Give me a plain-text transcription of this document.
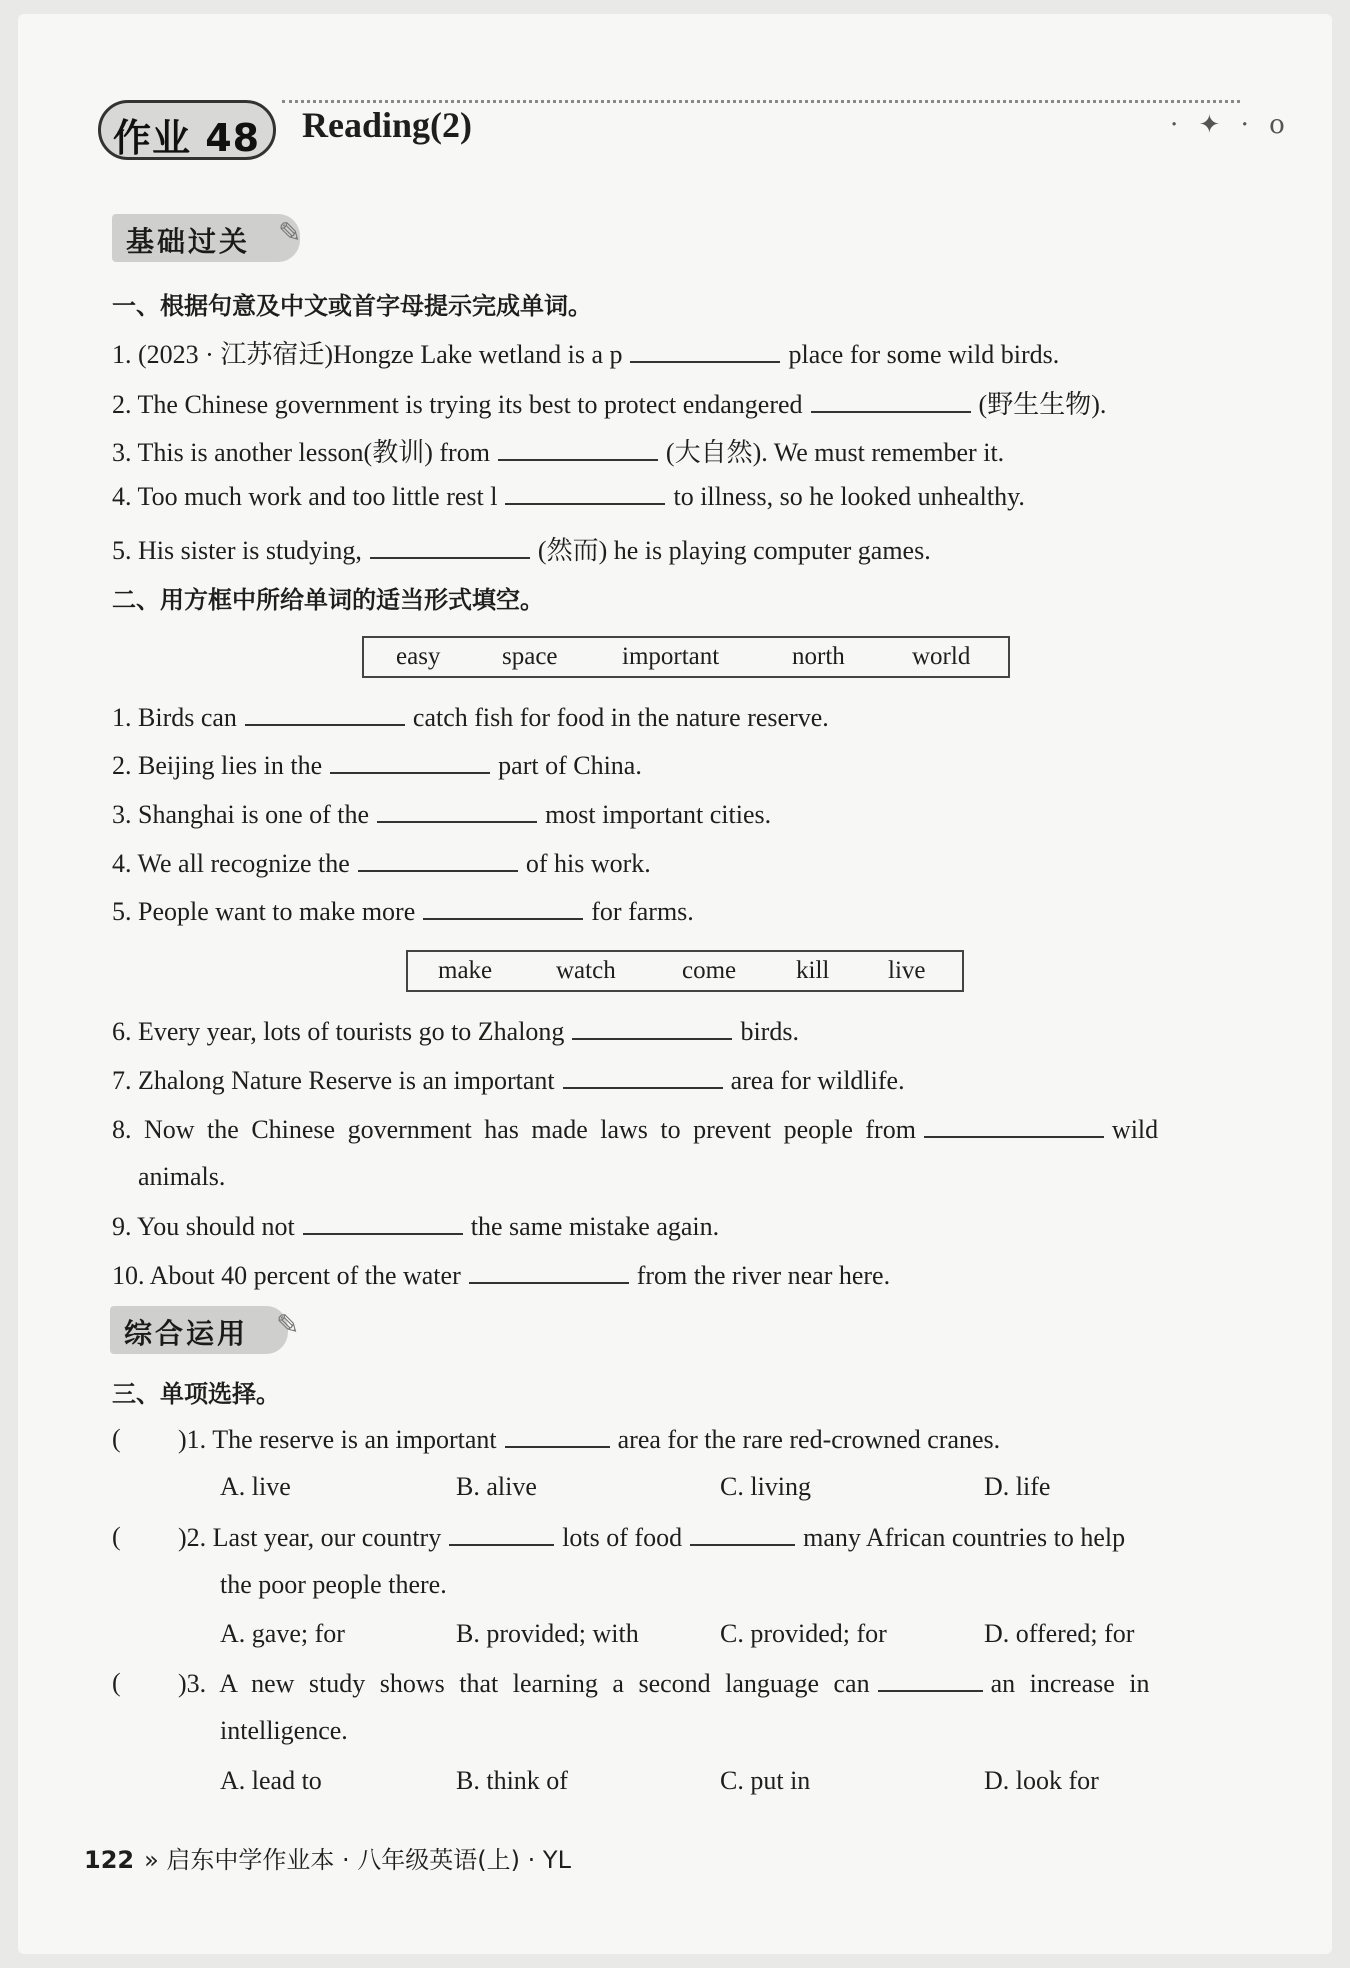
作业 48 Reading(2)	· ✦ · o
基础过关 ✎
一、根据句意及中文或首字母提示完成单词。
1. (2023 · 江苏宿迁)Hongze Lake wetland is a p	place for some wild birds.
2. The Chinese government is trying its best to protect endangered	(野生生物).
3. This is another lesson(教训) from	(大自然). We must remember it.
4. Too much work and too little rest l	to illness, so he looked unhealthy.
5. His sister is studying,	(然而) he is playing computer games.
二、用方框中所给单词的适当形式填空。
easy space	important	north	world
1. Birds can	catch fish for food in the nature reserve.
2. Beijing lies in the	part of China.
3. Shanghai is one of the	most important cities.
4. We all recognize the	of his work.
5. People want to make more	for farms.
make	watch	come kill live
6. Every year, lots of tourists go to Zhalong	birds.
7. Zhalong Nature Reserve is an important	area for wildlife.
8. Now the Chinese government has made laws to prevent people from	wild
animals.
9. You should not	the same mistake again.
10. About 40 percent of the water	from the river near here.
综合运用 ✎
三、单项选择。
( )1. The reserve is an important	area for the rare red-crowned cranes.
A. live	B. alive	C. living	D. life
( )2. Last year, our country	lots of food	many African countries to help
the poor people there.
A. gave; for	B. provided; with	C. provided; for	D. offered; for
( )3. A new study shows that learning a second language can	an increase in
intelligence.
A. lead to	B. think of	C. put in	D. look for
122 » 启东中学作业本 · 八年级英语(上) · YL
